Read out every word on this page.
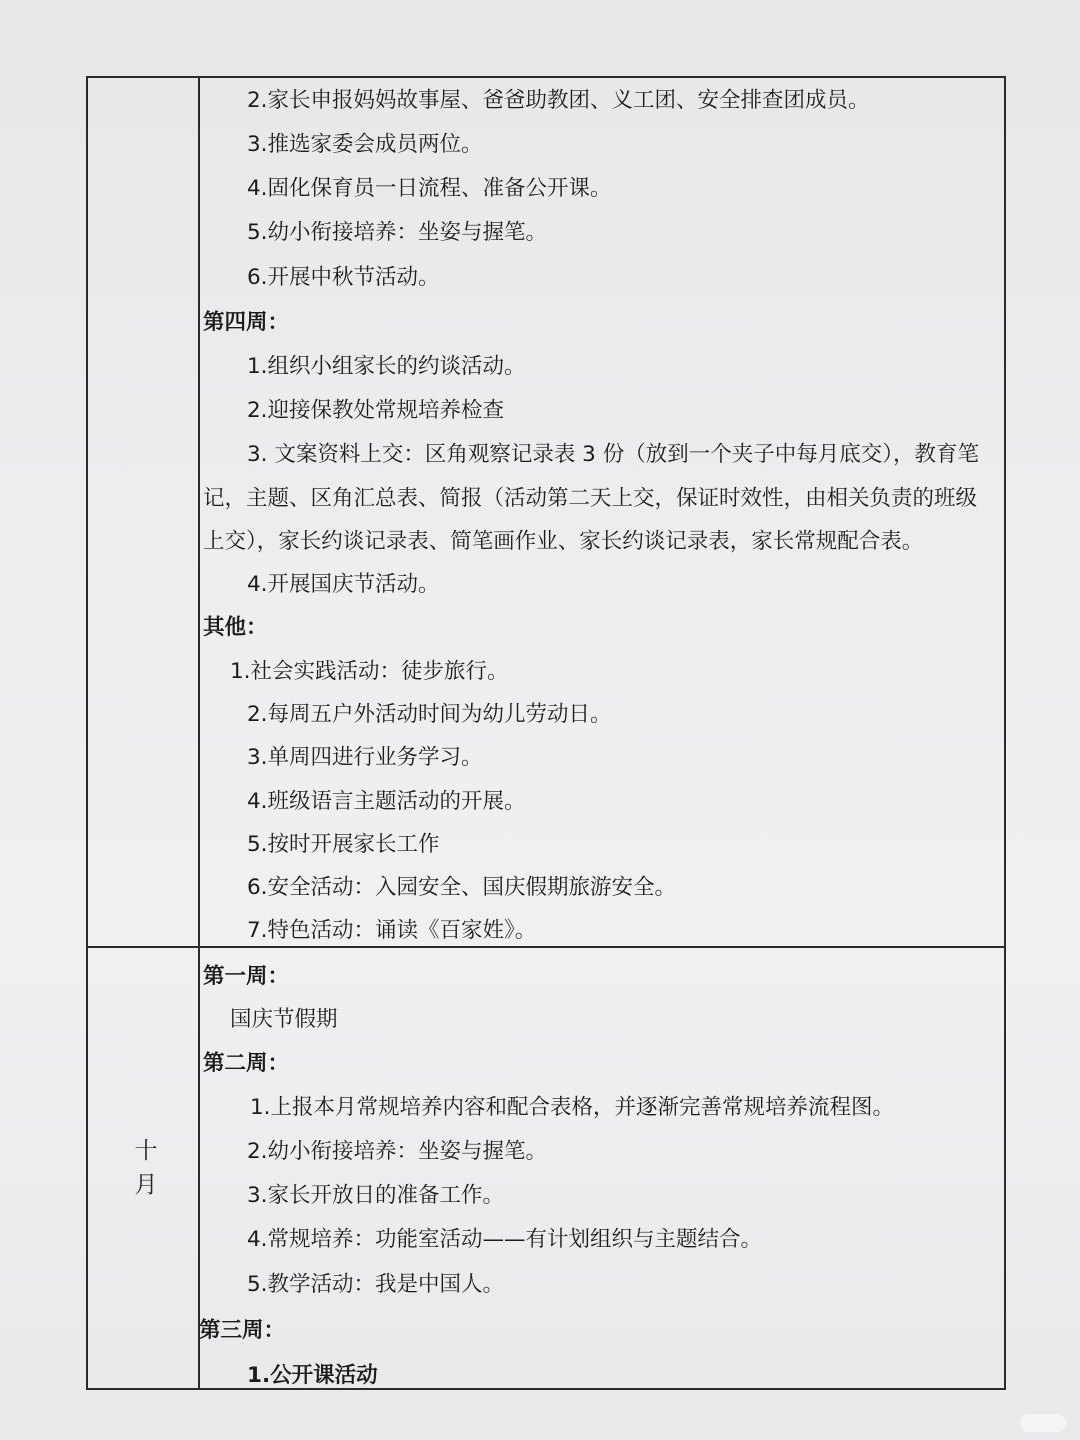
2.家长申报妈妈故事屋、爸爸助教团、义工团、安全排查团成员。
3.推选家委会成员两位。
4.固化保育员一日流程、准备公开课。
5.幼小衔接培养：坐姿与握笔。
6.开展中秋节活动。
第四周：
1.组织小组家长的约谈活动。
2.迎接保教处常规培养检查
3. 文案资料上交：区角观察记录表 3 份（放到一个夹子中每月底交），教育笔
记，主题、区角汇总表、简报（活动第二天上交，保证时效性，由相关负责的班级
上交），家长约谈记录表、简笔画作业、家长约谈记录表，家长常规配合表。
4.开展国庆节活动。
其他：
1.社会实践活动：徒步旅行。
2.每周五户外活动时间为幼儿劳动日。
3.单周四进行业务学习。
4.班级语言主题活动的开展。
5.按时开展家长工作
6.安全活动：入园安全、国庆假期旅游安全。
7.特色活动：诵读《百家姓》。
十
月
第一周：
国庆节假期
第二周：
1.上报本月常规培养内容和配合表格，并逐渐完善常规培养流程图。
2.幼小衔接培养：坐姿与握笔。
3.家长开放日的准备工作。
4.常规培养：功能室活动——有计划组织与主题结合。
5.教学活动：我是中国人。
第三周：
1.公开课活动
